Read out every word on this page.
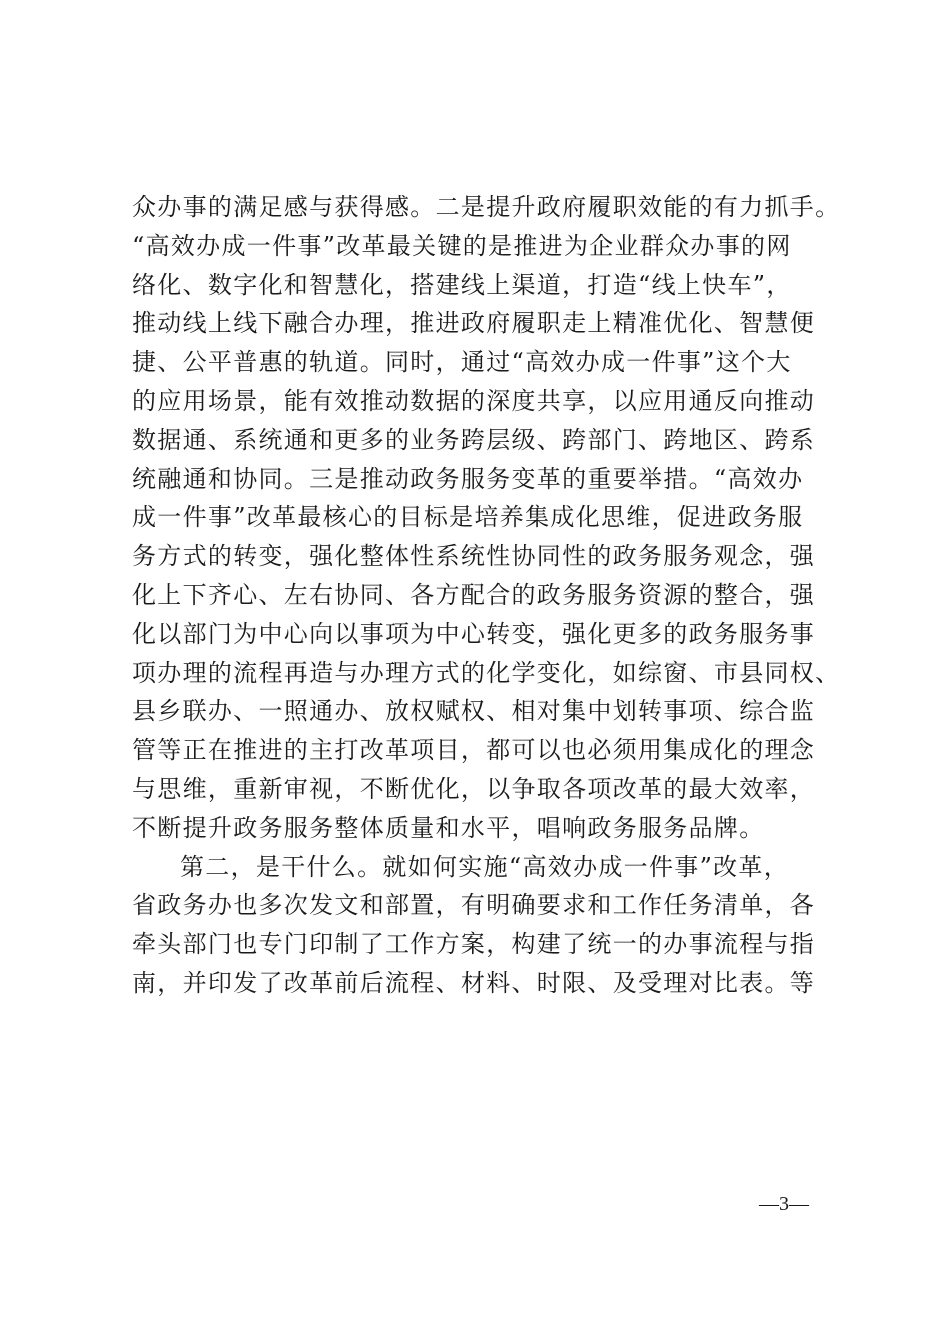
众办事的满足感与获得感。二是提升政府履职效能的有力抓手。
“高效办成一件事”改革最关键的是推进为企业群众办事的网
络化、数字化和智慧化，搭建线上渠道，打造“线上快车”，
推动线上线下融合办理，推进政府履职走上精准优化、智慧便
捷、公平普惠的轨道。同时，通过“高效办成一件事”这个大
的应用场景，能有效推动数据的深度共享，以应用通反向推动
数据通、系统通和更多的业务跨层级、跨部门、跨地区、跨系
统融通和协同。三是推动政务服务变革的重要举措。“高效办
成一件事”改革最核心的目标是培养集成化思维，促进政务服
务方式的转变，强化整体性系统性协同性的政务服务观念，强
化上下齐心、左右协同、各方配合的政务服务资源的整合，强
化以部门为中心向以事项为中心转变，强化更多的政务服务事
项办理的流程再造与办理方式的化学变化，如综窗、市县同权、
县乡联办、一照通办、放权赋权、相对集中划转事项、综合监
管等正在推进的主打改革项目，都可以也必须用集成化的理念
与思维，重新审视，不断优化，以争取各项改革的最大效率，
不断提升政务服务整体质量和水平，唱响政务服务品牌。
第二，是干什么。就如何实施“高效办成一件事”改革，
省政务办也多次发文和部置，有明确要求和工作任务清单，各
牵头部门也专门印制了工作方案，构建了统一的办事流程与指
南，并印发了改革前后流程、材料、时限、及受理对比表。等
—3—
